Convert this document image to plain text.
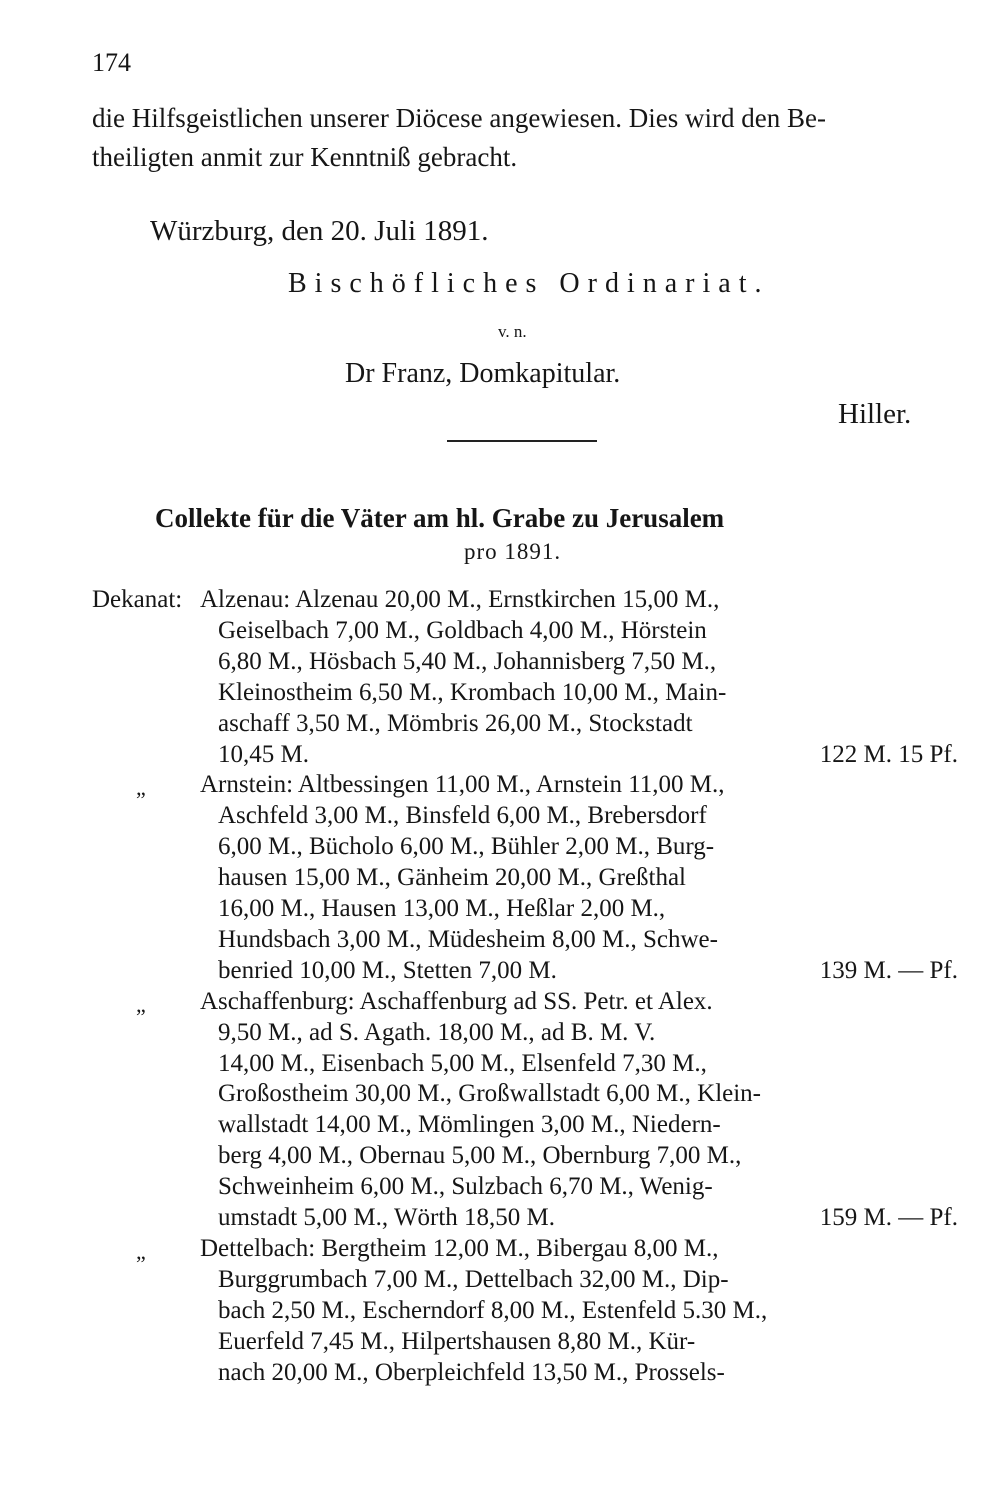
174
die Hilfsgeistlichen unserer Diöcese angewiesen. Dies wird den Be-
theiligten anmit zur Kenntniß gebracht.
Würzburg, den 20. Juli 1891.
Bischöfliches Ordinariat.
v. n.
Dr Franz, Domkapitular.
Hiller.
Collekte für die Väter am hl. Grabe zu Jerusalem
pro 1891.
Dekanat: Alzenau: Alzenau 20,00 M., Ernstkirchen 15,00 M.,
Geiselbach 7,00 M., Goldbach 4,00 M., Hörstein
6,80 M., Hösbach 5,40 M., Johannisberg 7,50 M.,
Kleinostheim 6,50 M., Krombach 10,00 M., Main-
aschaff 3,50 M., Mömbris 26,00 M., Stockstadt
10,45 M.	122 M. 15 Pf.
„ Arnstein: Altbessingen 11,00 M., Arnstein 11,00 M.,
Aschfeld 3,00 M., Binsfeld 6,00 M., Brebersdorf
6,00 M., Bücholo 6,00 M., Bühler 2,00 M., Burg-
hausen 15,00 M., Gänheim 20,00 M., Greßthal
16,00 M., Hausen 13,00 M., Heßlar 2,00 M.,
Hundsbach 3,00 M., Müdesheim 8,00 M., Schwe-
benried 10,00 M., Stetten 7,00 M.	139 M. — Pf.
„ Aschaffenburg: Aschaffenburg ad SS. Petr. et Alex.
9,50 M., ad S. Agath. 18,00 M., ad B. M. V.
14,00 M., Eisenbach 5,00 M., Elsenfeld 7,30 M.,
Großostheim 30,00 M., Großwallstadt 6,00 M., Klein-
wallstadt 14,00 M., Mömlingen 3,00 M., Niedern-
berg 4,00 M., Obernau 5,00 M., Obernburg 7,00 M.,
Schweinheim 6,00 M., Sulzbach 6,70 M., Wenig-
umstadt 5,00 M., Wörth 18,50 M.	159 M. — Pf.
„ Dettelbach: Bergtheim 12,00 M., Bibergau 8,00 M.,
Burggrumbach 7,00 M., Dettelbach 32,00 M., Dip-
bach 2,50 M., Escherndorf 8,00 M., Estenfeld 5.30 M.,
Euerfeld 7,45 M., Hilpertshausen 8,80 M., Kür-
nach 20,00 M., Oberpleichfeld 13,50 M., Prossels-
